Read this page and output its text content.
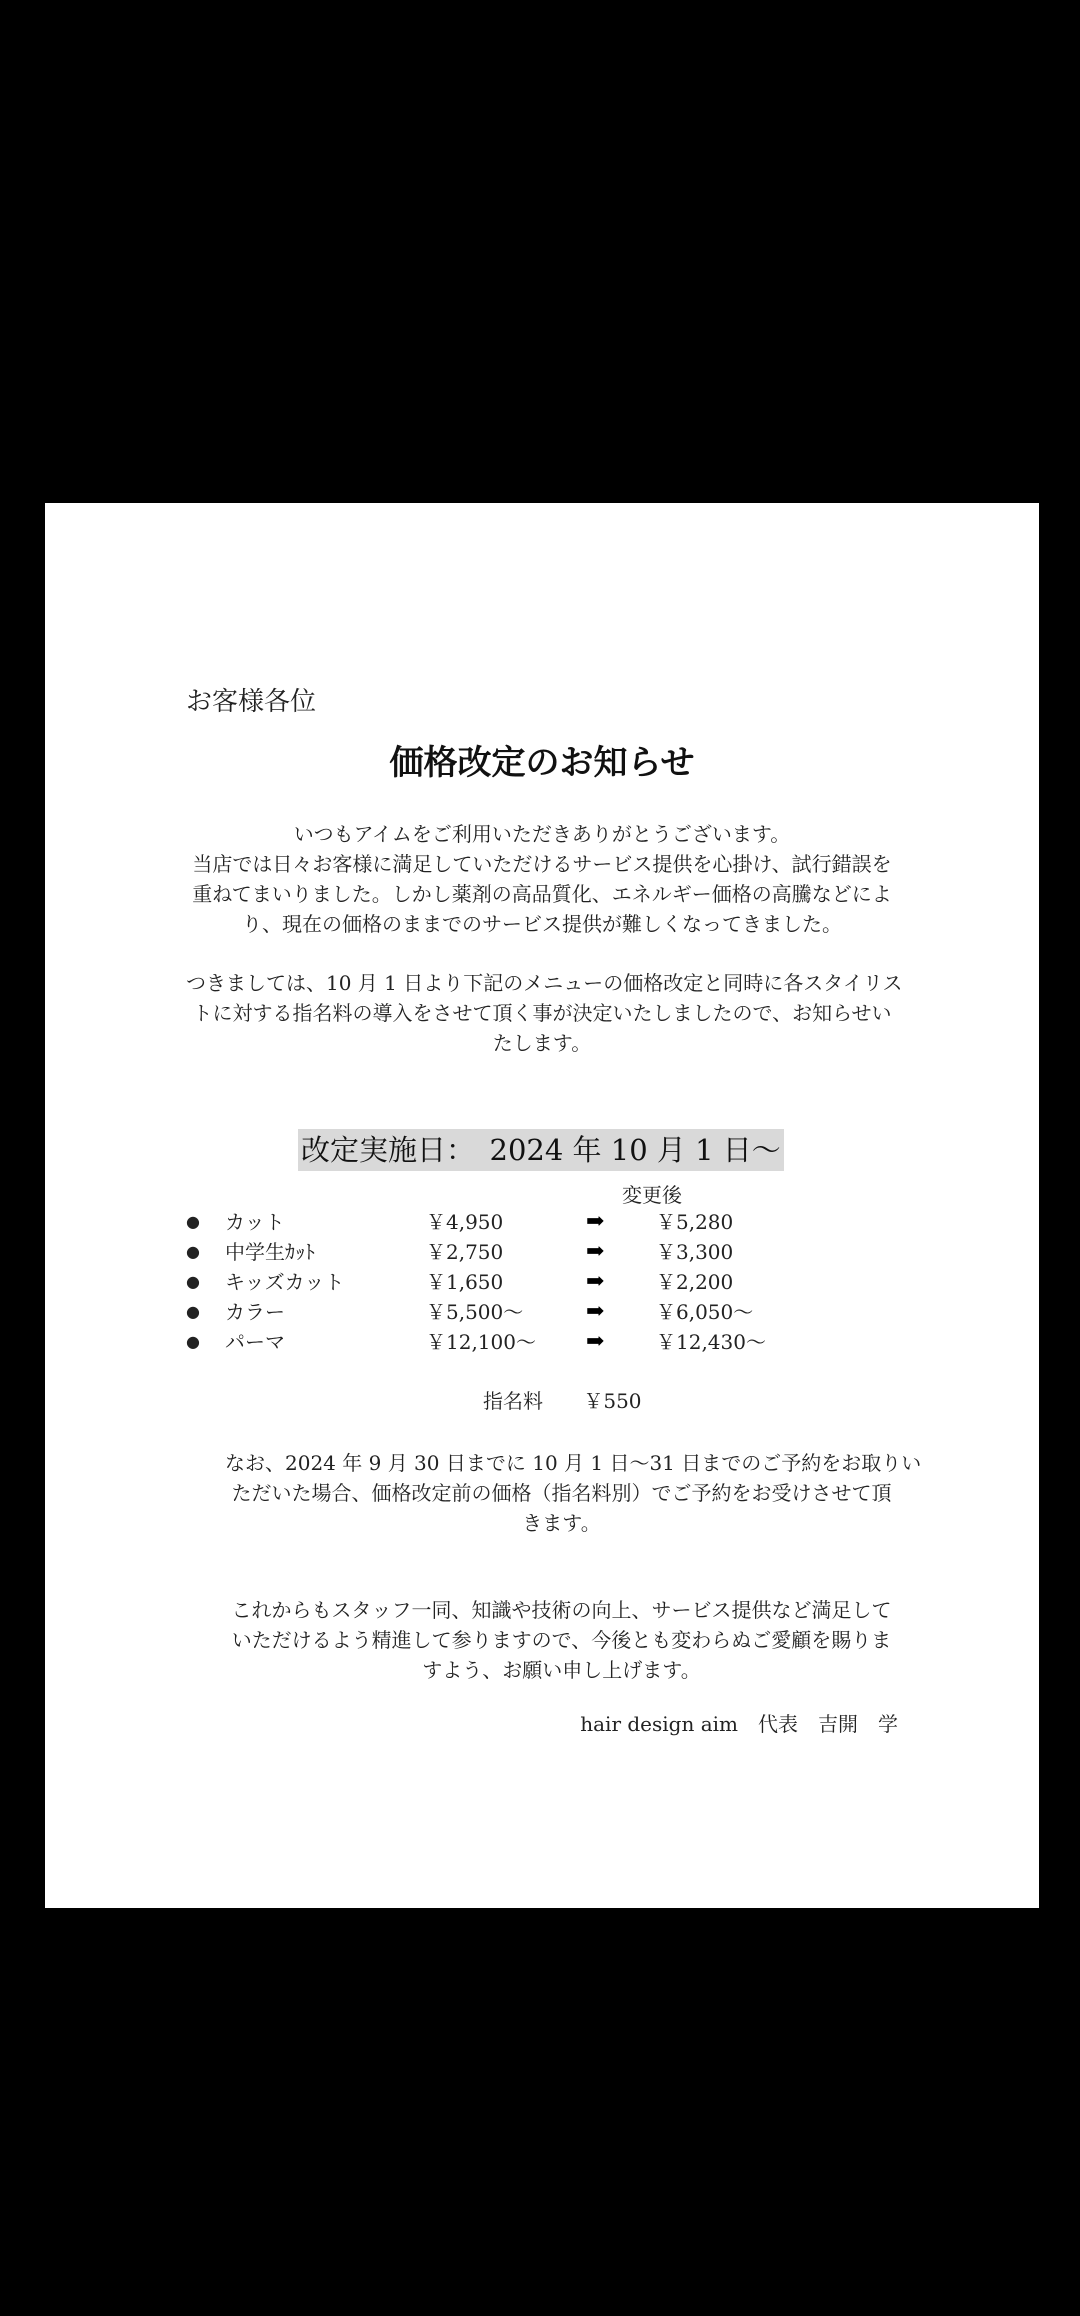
お客様各位
価格改定のお知らせ
いつもアイムをご利用いただきありがとうございます。
当店では日々お客様に満足していただけるサービス提供を心掛け、試行錯誤を
重ねてまいりました。しかし薬剤の高品質化、エネルギー価格の高騰などによ
り、現在の価格のままでのサービス提供が難しくなってきました。
つきましては、10 月 1 日より下記のメニューの価格改定と同時に各スタイリス
トに対する指名料の導入をさせて頂く事が決定いたしましたので、お知らせい
たします。
改定実施日：　2024 年 10 月 1 日～
変更後
● カット	￥4,950	➡	￥5,280
● 中学生ｶｯﾄ	￥2,750	➡	￥3,300
● キッズカット	￥1,650	➡	￥2,200
● カラー	￥5,500～	➡	￥6,050～
● パーマ	￥12,100～ ➡	￥12,430～
指名料 ￥550
なお、2024 年 9 月 30 日までに 10 月 1 日～31 日までのご予約をお取りい
ただいた場合、価格改定前の価格（指名料別）でご予約をお受けさせて頂
きます。
これからもスタッフ一同、知識や技術の向上、サービス提供など満足して
いただけるよう精進して参りますので、今後とも変わらぬご愛顧を賜りま
すよう、お願い申し上げます。
hair design aim　代表　吉開　学
